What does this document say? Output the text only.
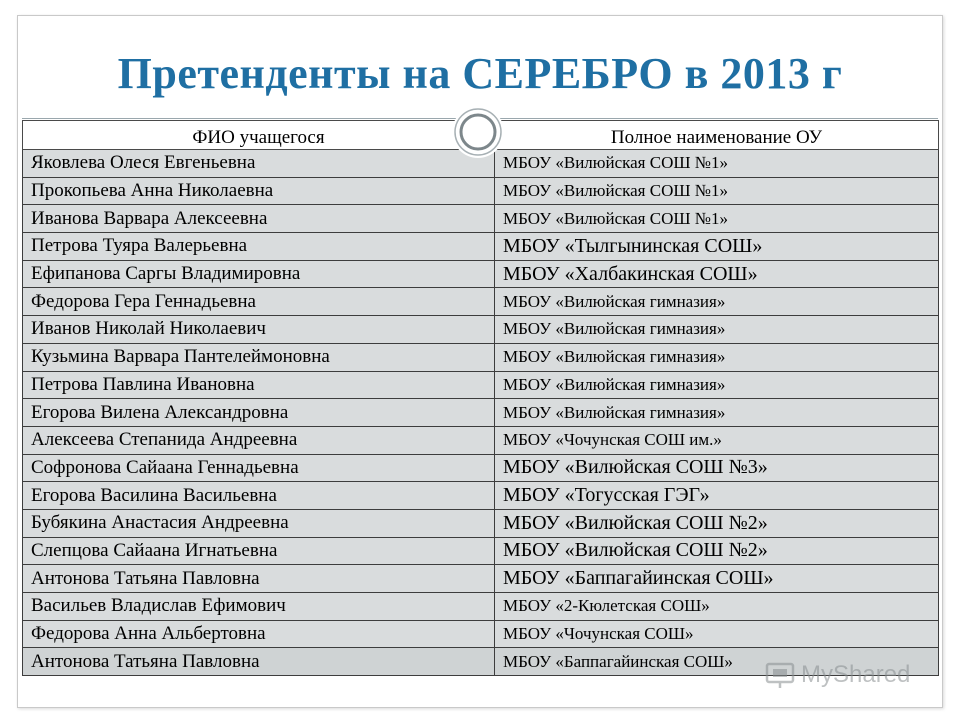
Претенденты на СЕРЕБРО в 2013 г
ФИО учащегося	Полное наименование ОУ
Яковлева Олеся Евгеньевна	МБОУ «Вилюйская СОШ №1»
Прокопьева Анна Николаевна	МБОУ «Вилюйская СОШ №1»
Иванова Варвара Алексеевна	МБОУ «Вилюйская СОШ №1»
Петрова Туяра Валерьевна	МБОУ «Тылгынинская СОШ»
Ефипанова Саргы Владимировна	МБОУ «Халбакинская СОШ»
Федорова Гера Геннадьевна	МБОУ «Вилюйская гимназия»
Иванов Николай Николаевич	МБОУ «Вилюйская гимназия»
Кузьмина Варвара Пантелеймоновна	МБОУ «Вилюйская гимназия»
Петрова Павлина Ивановна	МБОУ «Вилюйская гимназия»
Егорова Вилена Александровна	МБОУ «Вилюйская гимназия»
Алексеева Степанида Андреевна	МБОУ «Чочунская СОШ им.»
Софронова Сайаана Геннадьевна	МБОУ «Вилюйская СОШ №3»
Егорова Василина Васильевна	МБОУ «Тогусская ГЭГ»
Бубякина Анастасия Андреевна	МБОУ «Вилюйская СОШ №2»
Слепцова Сайаана Игнатьевна	МБОУ «Вилюйская СОШ №2»
Антонова Татьяна Павловна	МБОУ «Баппагайинская СОШ»
Васильев Владислав Ефимович	МБОУ «2-Кюлетская СОШ»
Федорова Анна Альбертовна	МБОУ «Чочунская СОШ»
Антонова Татьяна Павловна	МБОУ «Баппагайинская СОШ»	MyShared
